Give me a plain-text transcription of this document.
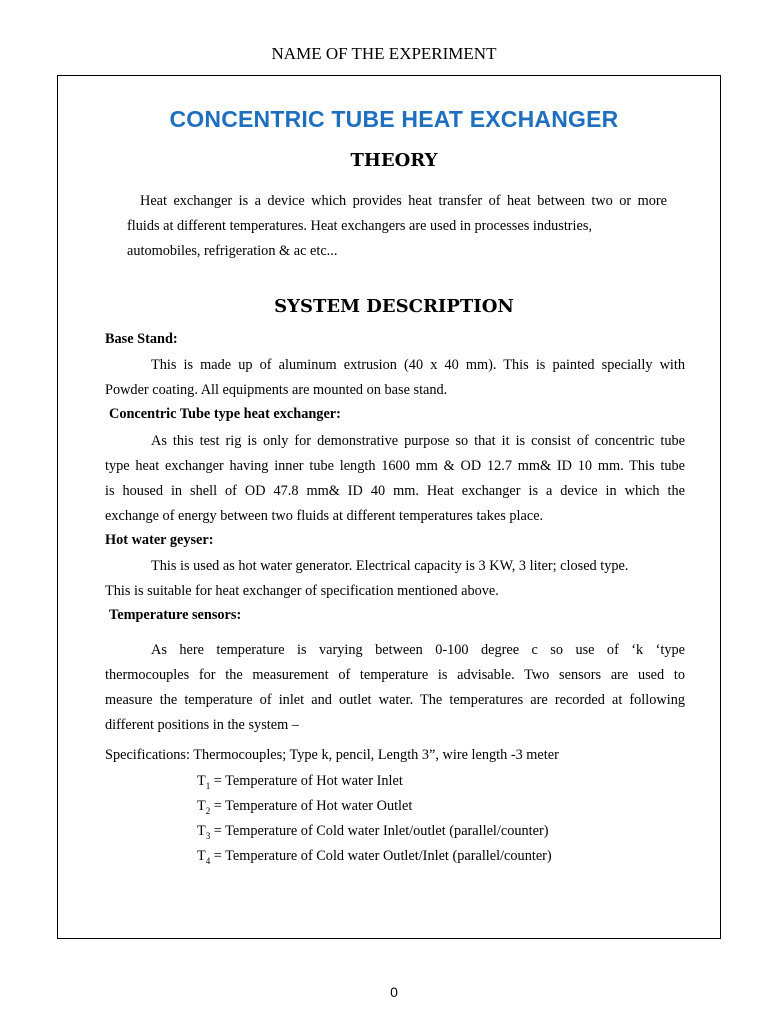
NAME OF THE EXPERIMENT
CONCENTRIC TUBE HEAT EXCHANGER
THEORY
Heat exchanger is a device which provides heat transfer of heat between two or more
fluids at different temperatures. Heat exchangers are used in processes industries,
automobiles, refrigeration & ac etc...
SYSTEM DESCRIPTION
Base Stand:
This is made up of aluminum extrusion (40 x 40 mm). This is painted specially with
Powder coating. All equipments are mounted on base stand.
Concentric Tube type heat exchanger:
As this test rig is only for demonstrative purpose so that it is consist of concentric tube
type heat exchanger having inner tube length 1600 mm & OD 12.7 mm& ID 10 mm. This tube
is housed in shell of OD 47.8 mm& ID 40 mm. Heat exchanger is a device in which the
exchange of energy between two fluids at different temperatures takes place.
Hot water geyser:
This is used as hot water generator. Electrical capacity is 3 KW, 3 liter; closed type.
This is suitable for heat exchanger of specification mentioned above.
Temperature sensors:
As here temperature is varying between 0-100 degree c so use of ‘k ‘type
thermocouples for the measurement of temperature is advisable. Two sensors are used to
measure the temperature of inlet and outlet water. The temperatures are recorded at following
different positions in the system –
Specifications: Thermocouples; Type k, pencil, Length 3”, wire length -3 meter
$T_1$ = Temperature of Hot water Inlet
$T_2$ = Temperature of Hot water Outlet
$T_3$ = Temperature of Cold water Inlet/outlet (parallel/counter)
$T_4$ = Temperature of Cold water Outlet/Inlet (parallel/counter)
0
